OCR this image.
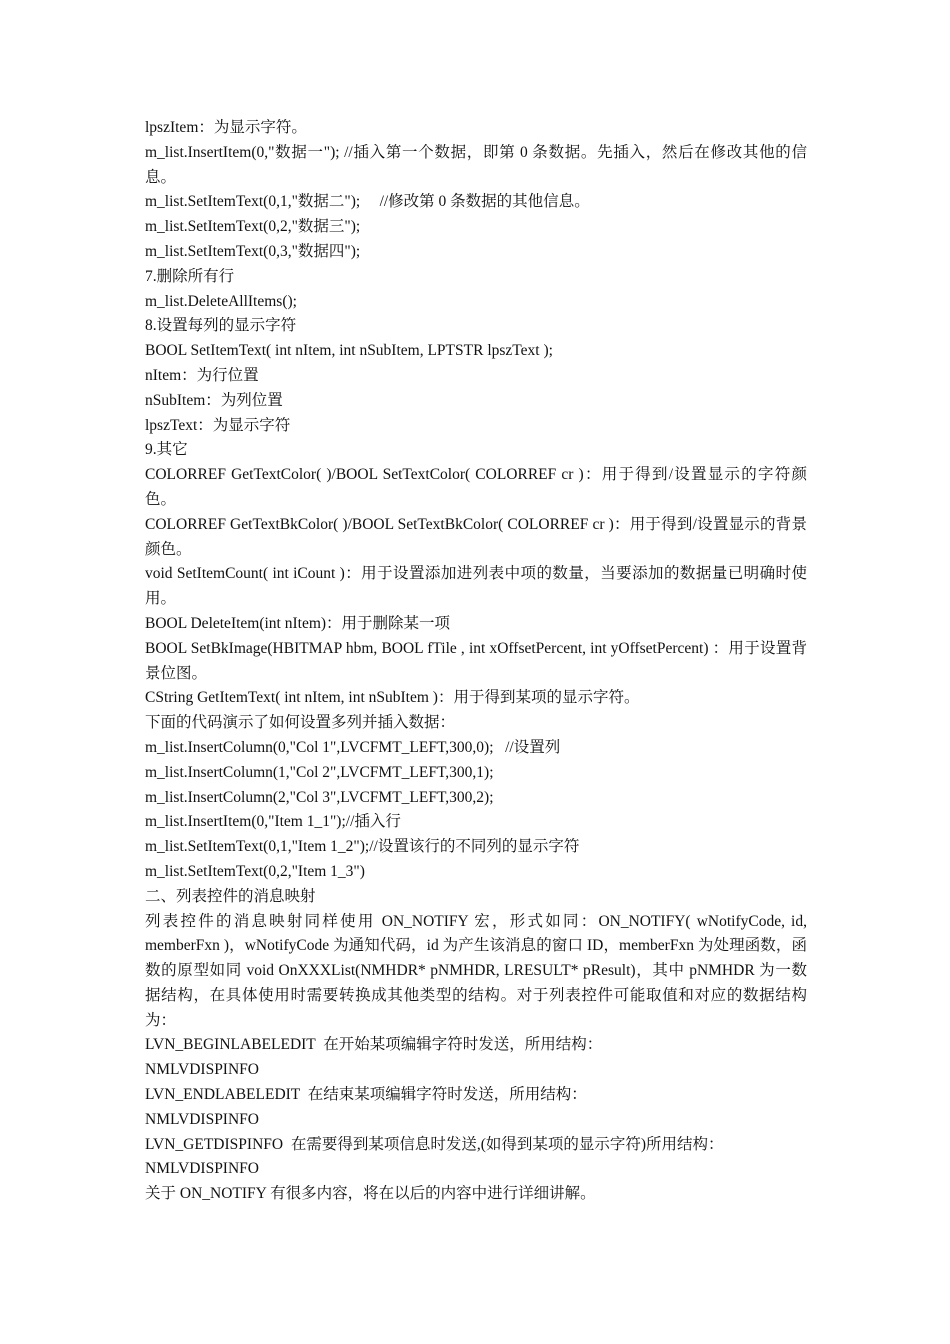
lpszItem：为显示字符。
m_list.InsertItem(0,"数据一"); //插入第一个数据，即第 0 条数据。先插入，然后在修改其他的信息。
m_list.SetItemText(0,1,"数据二");     //修改第 0 条数据的其他信息。
m_list.SetItemText(0,2,"数据三");
m_list.SetItemText(0,3,"数据四");
7.删除所有行
m_list.DeleteAllItems();
8.设置每列的显示字符
BOOL SetItemText( int nItem, int nSubItem, LPTSTR lpszText );
nItem：为行位置
nSubItem：为列位置
lpszText：为显示字符
9.其它
COLORREF GetTextColor( )/BOOL SetTextColor( COLORREF cr )：用于得到/设置显示的字符颜色。
COLORREF GetTextBkColor( )/BOOL SetTextBkColor( COLORREF cr )：用于得到/设置显示的背景颜色。
void SetItemCount( int iCount )：用于设置添加进列表中项的数量，当要添加的数据量已明确时使用。
BOOL DeleteItem(int nItem)：用于删除某一项
BOOL SetBkImage(HBITMAP hbm, BOOL fTile , int xOffsetPercent, int yOffsetPercent) ：用于设置背景位图。
CString GetItemText( int nItem, int nSubItem )：用于得到某项的显示字符。
下面的代码演示了如何设置多列并插入数据：
m_list.InsertColumn(0,"Col 1",LVCFMT_LEFT,300,0);   //设置列
m_list.InsertColumn(1,"Col 2",LVCFMT_LEFT,300,1);
m_list.InsertColumn(2,"Col 3",LVCFMT_LEFT,300,2);
m_list.InsertItem(0,"Item 1_1");//插入行
m_list.SetItemText(0,1,"Item 1_2");//设置该行的不同列的显示字符
m_list.SetItemText(0,2,"Item 1_3")
二、列表控件的消息映射
列表控件的消息映射同样使用 ON_NOTIFY 宏，形式如同：ON_NOTIFY( wNotifyCode, id, memberFxn )，wNotifyCode 为通知代码，id 为产生该消息的窗口 ID，memberFxn 为处理函数，函数的原型如同 void OnXXXList(NMHDR* pNMHDR, LRESULT* pResult)，其中 pNMHDR 为一数据结构，在具体使用时需要转换成其他类型的结构。对于列表控件可能取值和对应的数据结构为：
LVN_BEGINLABELEDIT  在开始某项编辑字符时发送，所用结构：
NMLVDISPINFO
LVN_ENDLABELEDIT  在结束某项编辑字符时发送，所用结构：
NMLVDISPINFO
LVN_GETDISPINFO  在需要得到某项信息时发送,(如得到某项的显示字符)所用结构：
NMLVDISPINFO
关于 ON_NOTIFY 有很多内容，将在以后的内容中进行详细讲解。
